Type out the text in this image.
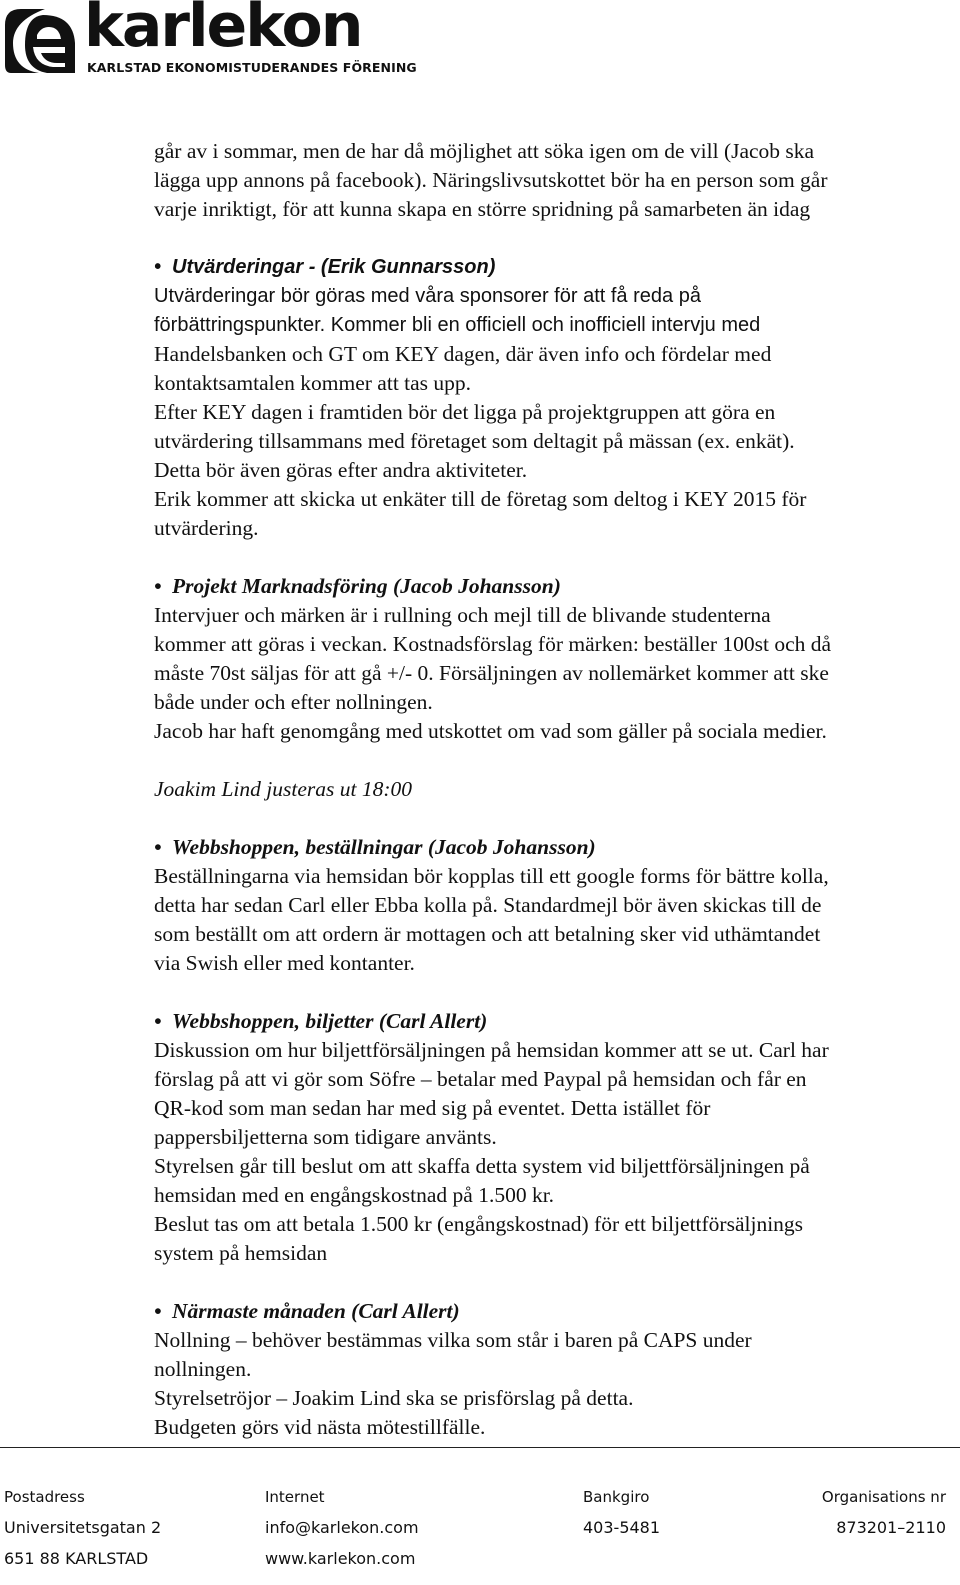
karlekon
KARLSTAD EKONOMISTUDERANDES FÖRENING

går av i sommar, men de har då möjlighet att söka igen om de vill (Jacob ska

lägga upp annons på facebook). Näringslivsutskottet bör ha en person som går

varje inriktigt, för att kunna skapa en större spridning på samarbeten än idag

• Utvärderingar - (Erik Gunnarsson)

Utvärderingar bör göras med våra sponsorer för att få reda på

förbättringspunkter. Kommer bli en officiell och inofficiell intervju med

Handelsbanken och GT om KEY dagen, där även info och fördelar med

kontaktsamtalen kommer att tas upp.

Efter KEY dagen i framtiden bör det ligga på projektgruppen att göra en

utvärdering tillsammans med företaget som deltagit på mässan (ex. enkät).

Detta bör även göras efter andra aktiviteter.

Erik kommer att skicka ut enkäter till de företag som deltog i KEY 2015 för

utvärdering.

• Projekt Marknadsföring (Jacob Johansson)

Intervjuer och märken är i rullning och mejl till de blivande studenterna

kommer att göras i veckan. Kostnadsförslag för märken: beställer 100st och då

måste 70st säljas för att gå +/- 0. Försäljningen av nollemärket kommer att ske

både under och efter nollningen.

Jacob har haft genomgång med utskottet om vad som gäller på sociala medier.

Joakim Lind justeras ut 18:00

• Webbshoppen, beställningar (Jacob Johansson)

Beställningarna via hemsidan bör kopplas till ett google forms för bättre kolla,

detta har sedan Carl eller Ebba kolla på. Standardmejl bör även skickas till de

som beställt om att ordern är mottagen och att betalning sker vid uthämtandet

via Swish eller med kontanter.

• Webbshoppen, biljetter (Carl Allert)

Diskussion om hur biljettförsäljningen på hemsidan kommer att se ut. Carl har

förslag på att vi gör som Söfre – betalar med Paypal på hemsidan och får en

QR-kod som man sedan har med sig på eventet. Detta istället för

pappersbiljetterna som tidigare använts.

Styrelsen går till beslut om att skaffa detta system vid biljettförsäljningen på

hemsidan med en engångskostnad på 1.500 kr.

Beslut tas om att betala 1.500 kr (engångskostnad) för ett biljettförsäljnings

system på hemsidan

• Närmaste månaden (Carl Allert)

Nollning – behöver bestämmas vilka som står i baren på CAPS under

nollningen.

Styrelsetröjor – Joakim Lind ska se prisförslag på detta.

Budgeten görs vid nästa mötestillfälle.

Postadress
Universitetsgatan 2
651 88 KARLSTAD
Internet
info@karlekon.com
www.karlekon.com
Bankgiro
403-5481
Organisations nr
873201–2110
